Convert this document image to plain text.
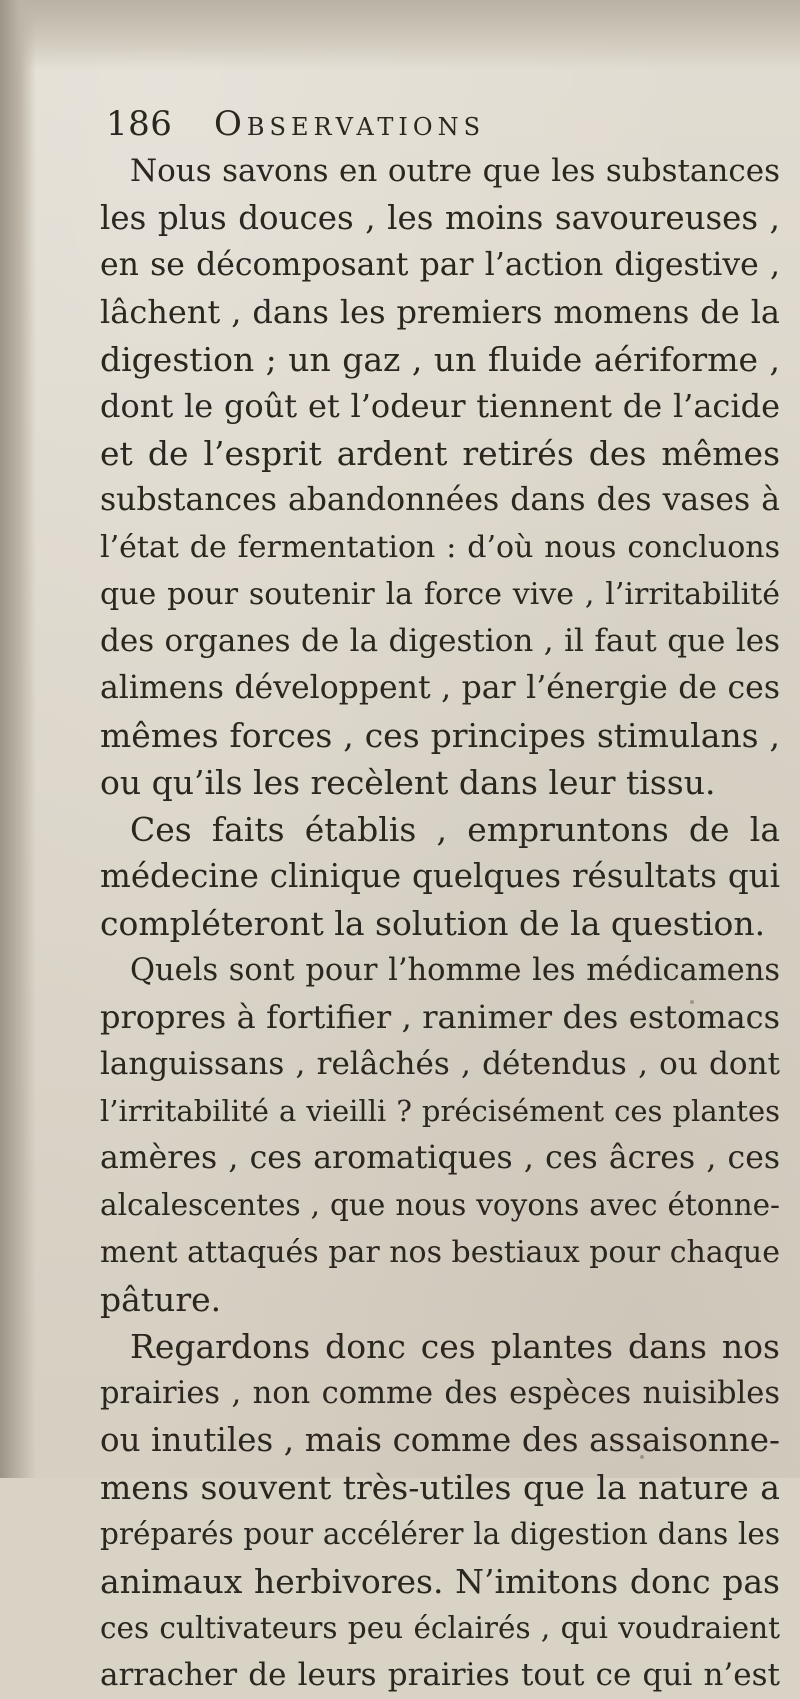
186 Observations
Nous savons en outre que les substances
les plus douces , les moins savoureuses ,
en se décomposant par l’action digestive ,
lâchent , dans les premiers momens de la
digestion ; un gaz , un fluide aériforme ,
dont le goût et l’odeur tiennent de l’acide
et de l’esprit ardent retirés des mêmes
substances abandonnées dans des vases à
l’état de fermentation : d’où nous concluons
que pour soutenir la force vive , l’irritabilité
des organes de la digestion , il faut que les
alimens développent , par l’énergie de ces
mêmes forces , ces principes stimulans ,
ou qu’ils les recèlent dans leur tissu.
Ces faits établis , empruntons de la
médecine clinique quelques résultats qui
compléteront la solution de la question.
Quels sont pour l’homme les médicamens
propres à fortifier , ranimer des estomacs
languissans , relâchés , détendus , ou dont
l’irritabilité a vieilli ? précisément ces plantes
amères , ces aromatiques , ces âcres , ces
alcalescentes , que nous voyons avec étonne-
ment attaqués par nos bestiaux pour chaque
pâture.
Regardons donc ces plantes dans nos
prairies , non comme des espèces nuisibles
ou inutiles , mais comme des assaisonne-
mens souvent très-utiles que la nature a
préparés pour accélérer la digestion dans les
animaux herbivores. N’imitons donc pas
ces cultivateurs peu éclairés , qui voudraient
arracher de leurs prairies tout ce qui n’est
